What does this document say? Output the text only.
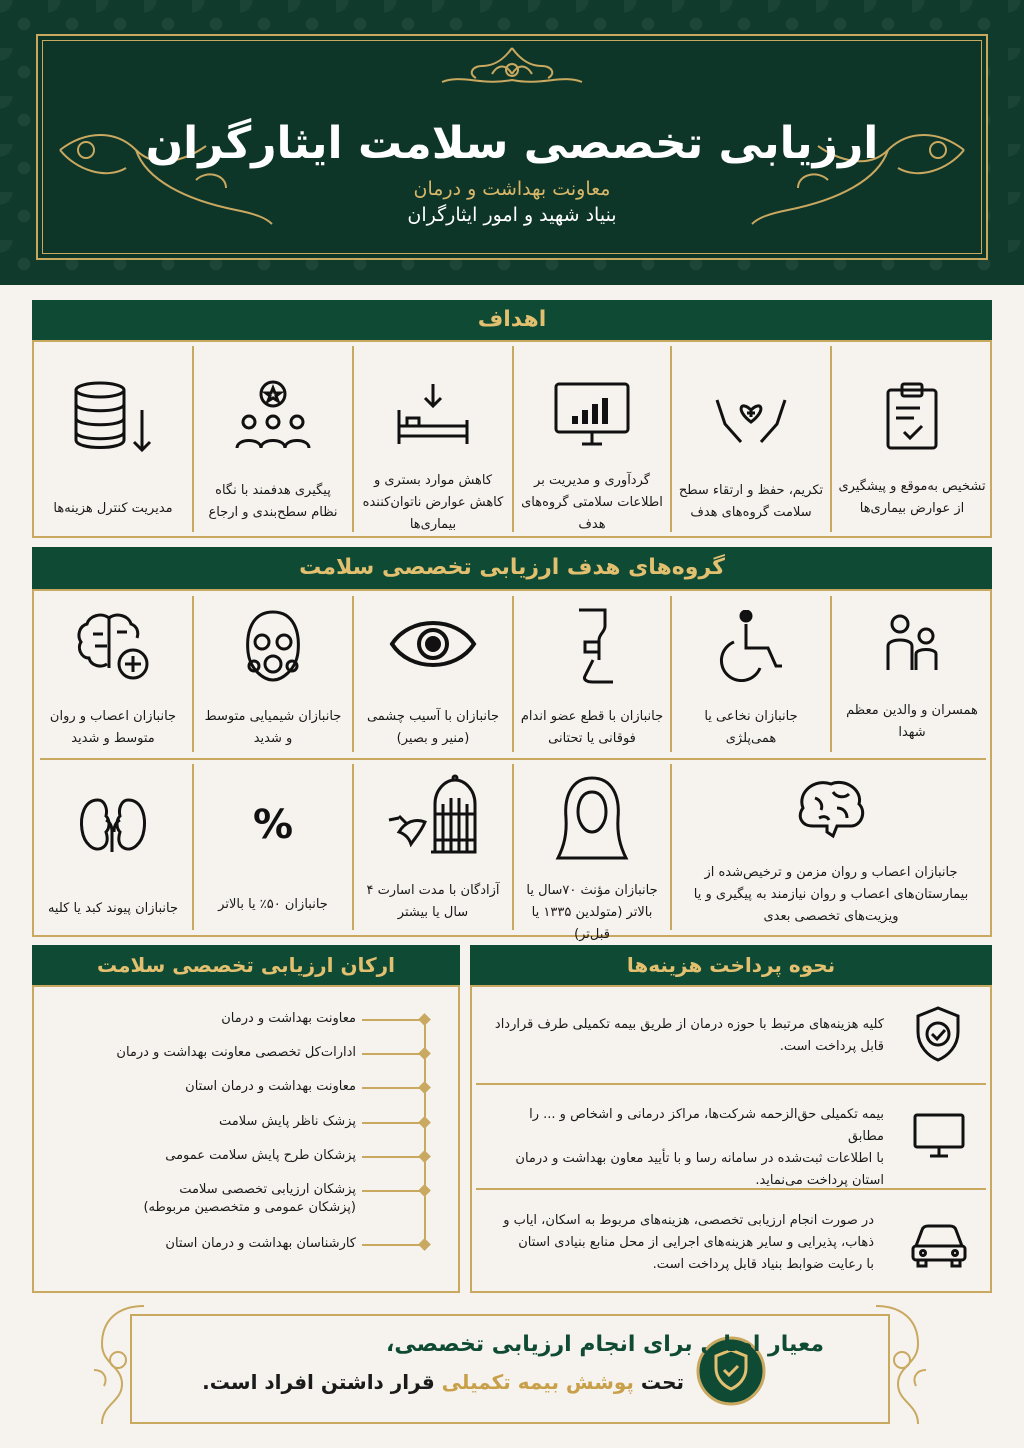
ارزیابی تخصصی سلامت ایثارگران
معاونت بهداشت و درمان
بنیاد شهید و امور ایثارگران
اهداف
تشخیص به‌موقع و پیشگیری از عوارض بیماری‌ها
تکریم، حفظ و ارتقاء سطح سلامت گروه‌های هدف
گردآوری و مدیریت بر اطلاعات سلامتی گروه‌های هدف
کاهش موارد بستری و کاهش عوارض ناتوان‌کننده بیماری‌ها
پیگیری هدفمند با نگاه نظام سطح‌بندی و ارجاع
مدیریت کنترل هزینه‌ها
گروه‌های هدف ارزیابی تخصصی سلامت
همسران و والدین معظم شهدا
جانبازان نخاعی یا همی‌پلژی
جانبازان با قطع عضو اندام فوقانی یا تحتانی
جانبازان با آسیب چشمی (منیر و بصیر)
جانبازان شیمیایی متوسط و شدید
جانبازان اعصاب و روان متوسط و شدید
جانبازان اعصاب و روان مزمن و ترخیص‌شده از بیمارستان‌های اعصاب و روان نیازمند به پیگیری و یا ویزیت‌های تخصصی بعدی
جانبازان مؤنث ۷۰سال یا بالاتر (متولدین ۱۳۳۵ یا قبل‌تر)
آزادگان با مدت اسارت ۴ سال یا بیشتر
%
جانبازان ۵۰٪ یا بالاتر
جانبازان پیوند کبد یا کلیه
ارکان ارزیابی تخصصی سلامت
معاونت بهداشت و درمان
ادارات‌کل تخصصی معاونت بهداشت و درمان
معاونت بهداشت و درمان استان
پزشک ناظر پایش سلامت
پزشکان طرح پایش سلامت عمومی
پزشکان ارزیابی تخصصی سلامت
(پزشکان عمومی و متخصصین مربوطه)
کارشناسان بهداشت و درمان استان
نحوه پرداخت هزینه‌ها
کلیه هزینه‌های مرتبط با حوزه درمان از طریق بیمه تکمیلی طرف قرارداد
قابل پرداخت است.
بیمه تکمیلی حق‌الزحمه شرکت‌ها، مراکز درمانی و اشخاص و ... را مطابق
با اطلاعات ثبت‌شده در سامانه رسا و با تأیید معاون بهداشت و درمان
استان پرداخت می‌نماید.
در صورت انجام ارزیابی تخصصی، هزینه‌های مربوط به اسکان، ایاب و
ذهاب، پذیرایی و سایر هزینه‌های اجرایی از محل منابع بنیادی استان
با رعایت ضوابط بنیاد قابل پرداخت است.
معیار اصلی برای انجام ارزیابی تخصصی،
تحت پوشش بیمه تکمیلی قرار داشتن افراد است.
